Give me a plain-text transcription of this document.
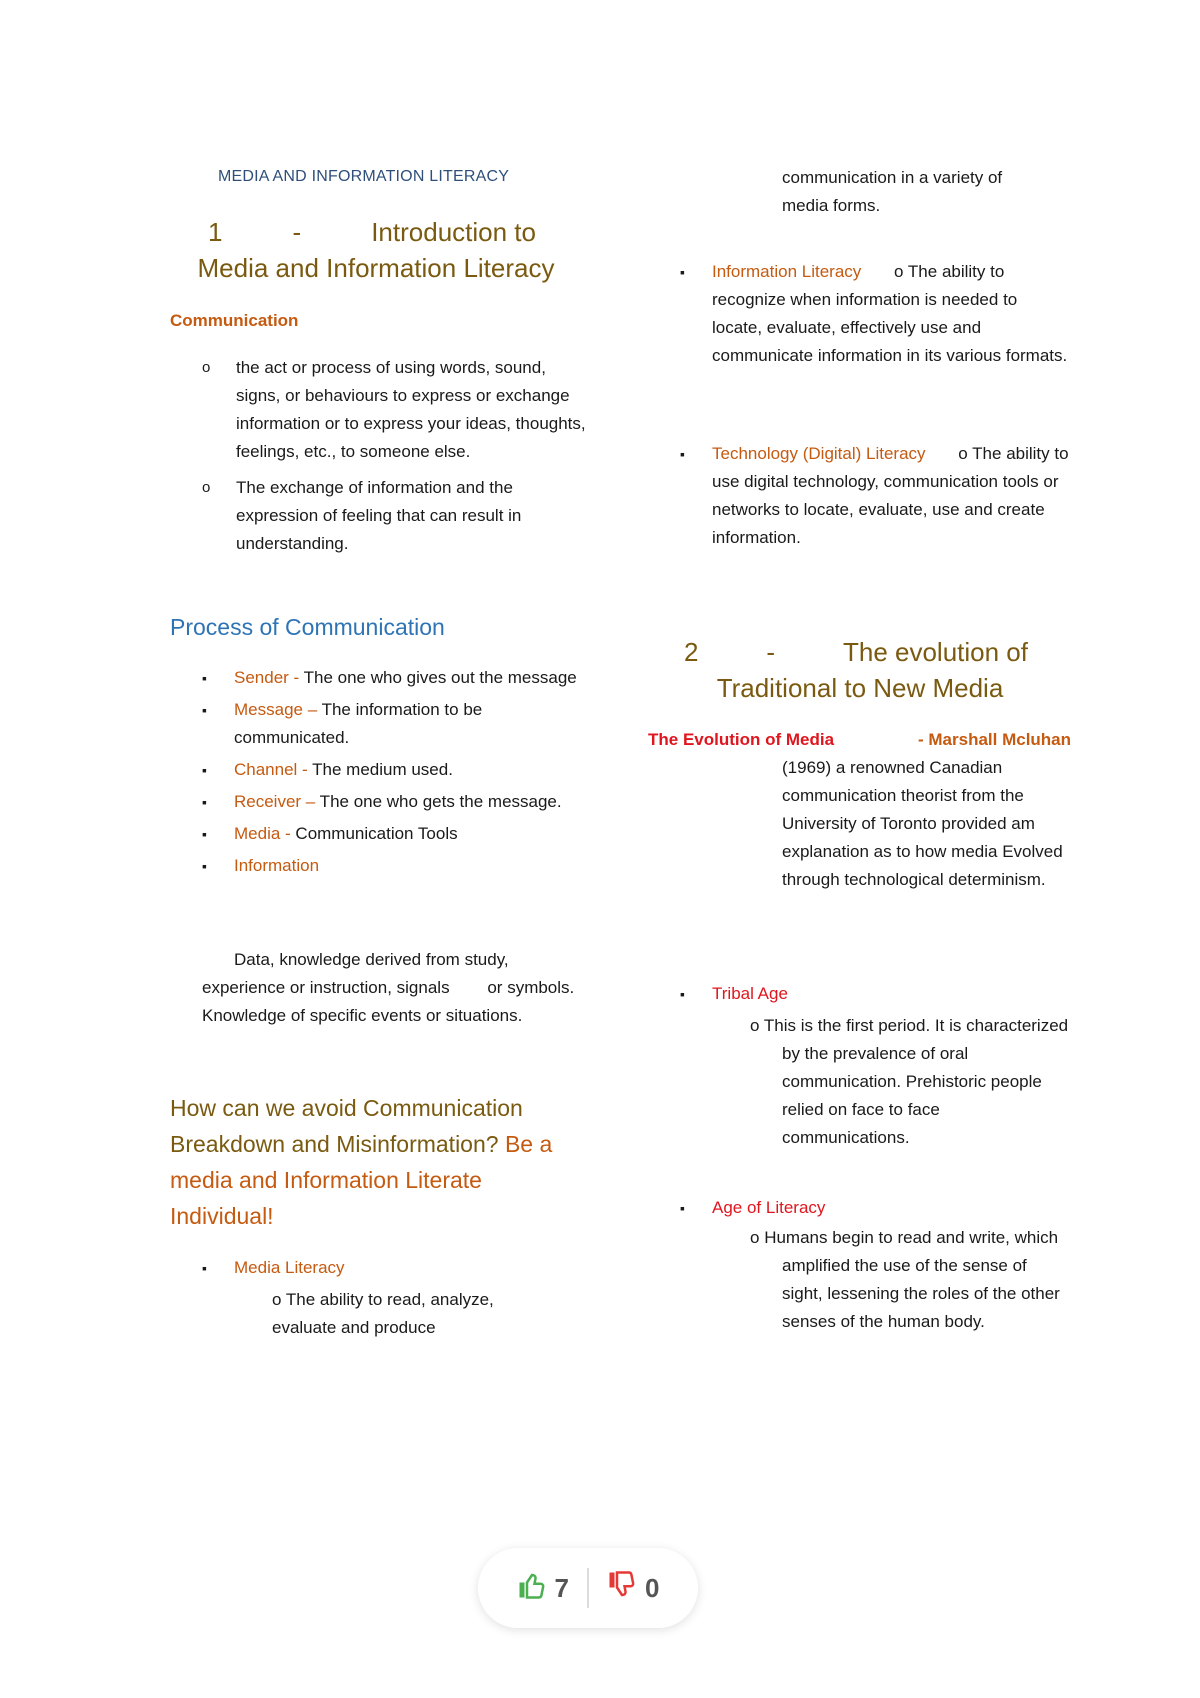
MEDIA AND INFORMATION LITERACY
1	-	Introduction to
Media and Information Literacy
Communication
o the act or process of using words, sound, signs, or behaviours to express or exchange information or to express your ideas, thoughts, feelings, etc., to someone else.
o The exchange of information and the expression of feeling that can result in understanding.
Process of Communication
▪ Sender - The one who gives out the message
▪ Message – The information to be communicated.
▪ Channel - The medium used.
▪ Receiver – The one who gets the message.
▪ Media - Communication Tools
▪ Information
Data, knowledge derived from study, experience or instruction, signals        or symbols. Knowledge of specific events or situations.
How can we avoid Communication Breakdown and Misinformation? Be a media and Information Literate Individual!
▪ Media Literacy
o The ability to read, analyze, evaluate and produce
communication in a variety of media forms.
▪ Information Literacy o The ability to recognize when information is needed to locate, evaluate, effectively use and communicate information in its various formats.
▪ Technology (Digital) Literacy o The ability to use digital technology, communication tools or networks to locate, evaluate, use and create information.
2	-	The evolution of
Traditional to New Media
The Evolution of Media	- Marshall Mcluhan (1969) a renowned Canadian communication theorist from the University of Toronto provided am explanation as to how media Evolved through technological determinism.
▪ Tribal Age
o This is the first period. It is characterized by the prevalence of oral communication. Prehistoric people relied on face to face communications.
▪ Age of Literacy
o Humans begin to read and write, which amplified the use of the sense of sight, lessening the roles of the other senses of the human body.
7	0
